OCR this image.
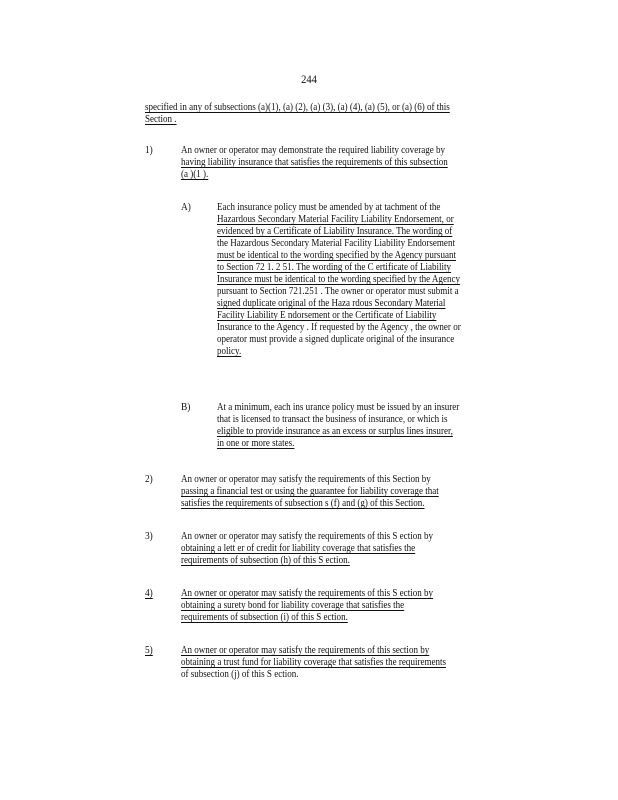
244
specified in any of subsections (a)(1), (a) (2), (a) (3), (a) (4), (a) (5), or (a) (6) of this
Section .
1)	An owner or operator may demonstrate the required liability coverage by
having liability insurance that satisfies the requirements of this subsection
(a )(1 ).
A) Each insurance policy must be amended by at tachment of the
Hazardous Secondary Material Facility Liability Endorsement, or
evidenced by a Certificate of Liability Insurance. The wording of
the Hazardous Secondary Material Facility Liability Endorsement
must be identical to the wording specified by the Agency pursuant
to Section 72 1. 2 51. The wording of the C ertificate of Liability
Insurance must be identical to the wording specified by the Agency
pursuant to Section 721.251 . The owner or operator must submit a
signed duplicate original of the Haza rdous Secondary Material
Facility Liability E ndorsement or the Certificate of Liability
Insurance to the Agency . If requested by the Agency , the owner or
operator must provide a signed duplicate original of the insurance
policy.
B) At a minimum, each ins urance policy must be issued by an insurer
that is licensed to transact the business of insurance, or which is
eligible to provide insurance as an excess or surplus lines insurer,
in one or more states.
2)	An owner or operator may satisfy the requirements of this Section by
passing a financial test or using the guarantee for liability coverage that
satisfies the requirements of subsection s (f) and (g) of this Section.
3)	An owner or operator may satisfy the requirements of this S ection by
obtaining a lett er of credit for liability coverage that satisfies the
requirements of subsection (h) of this S ection.
4)	An owner or operator may satisfy the requirements of this S ection by
obtaining a surety bond for liability coverage that satisfies the
requirements of subsection (i) of this S ection.
5)	An owner or operator may satisfy the requirements of this section by
obtaining a trust fund for liability coverage that satisfies the requirements
of subsection (j) of this S ection.
